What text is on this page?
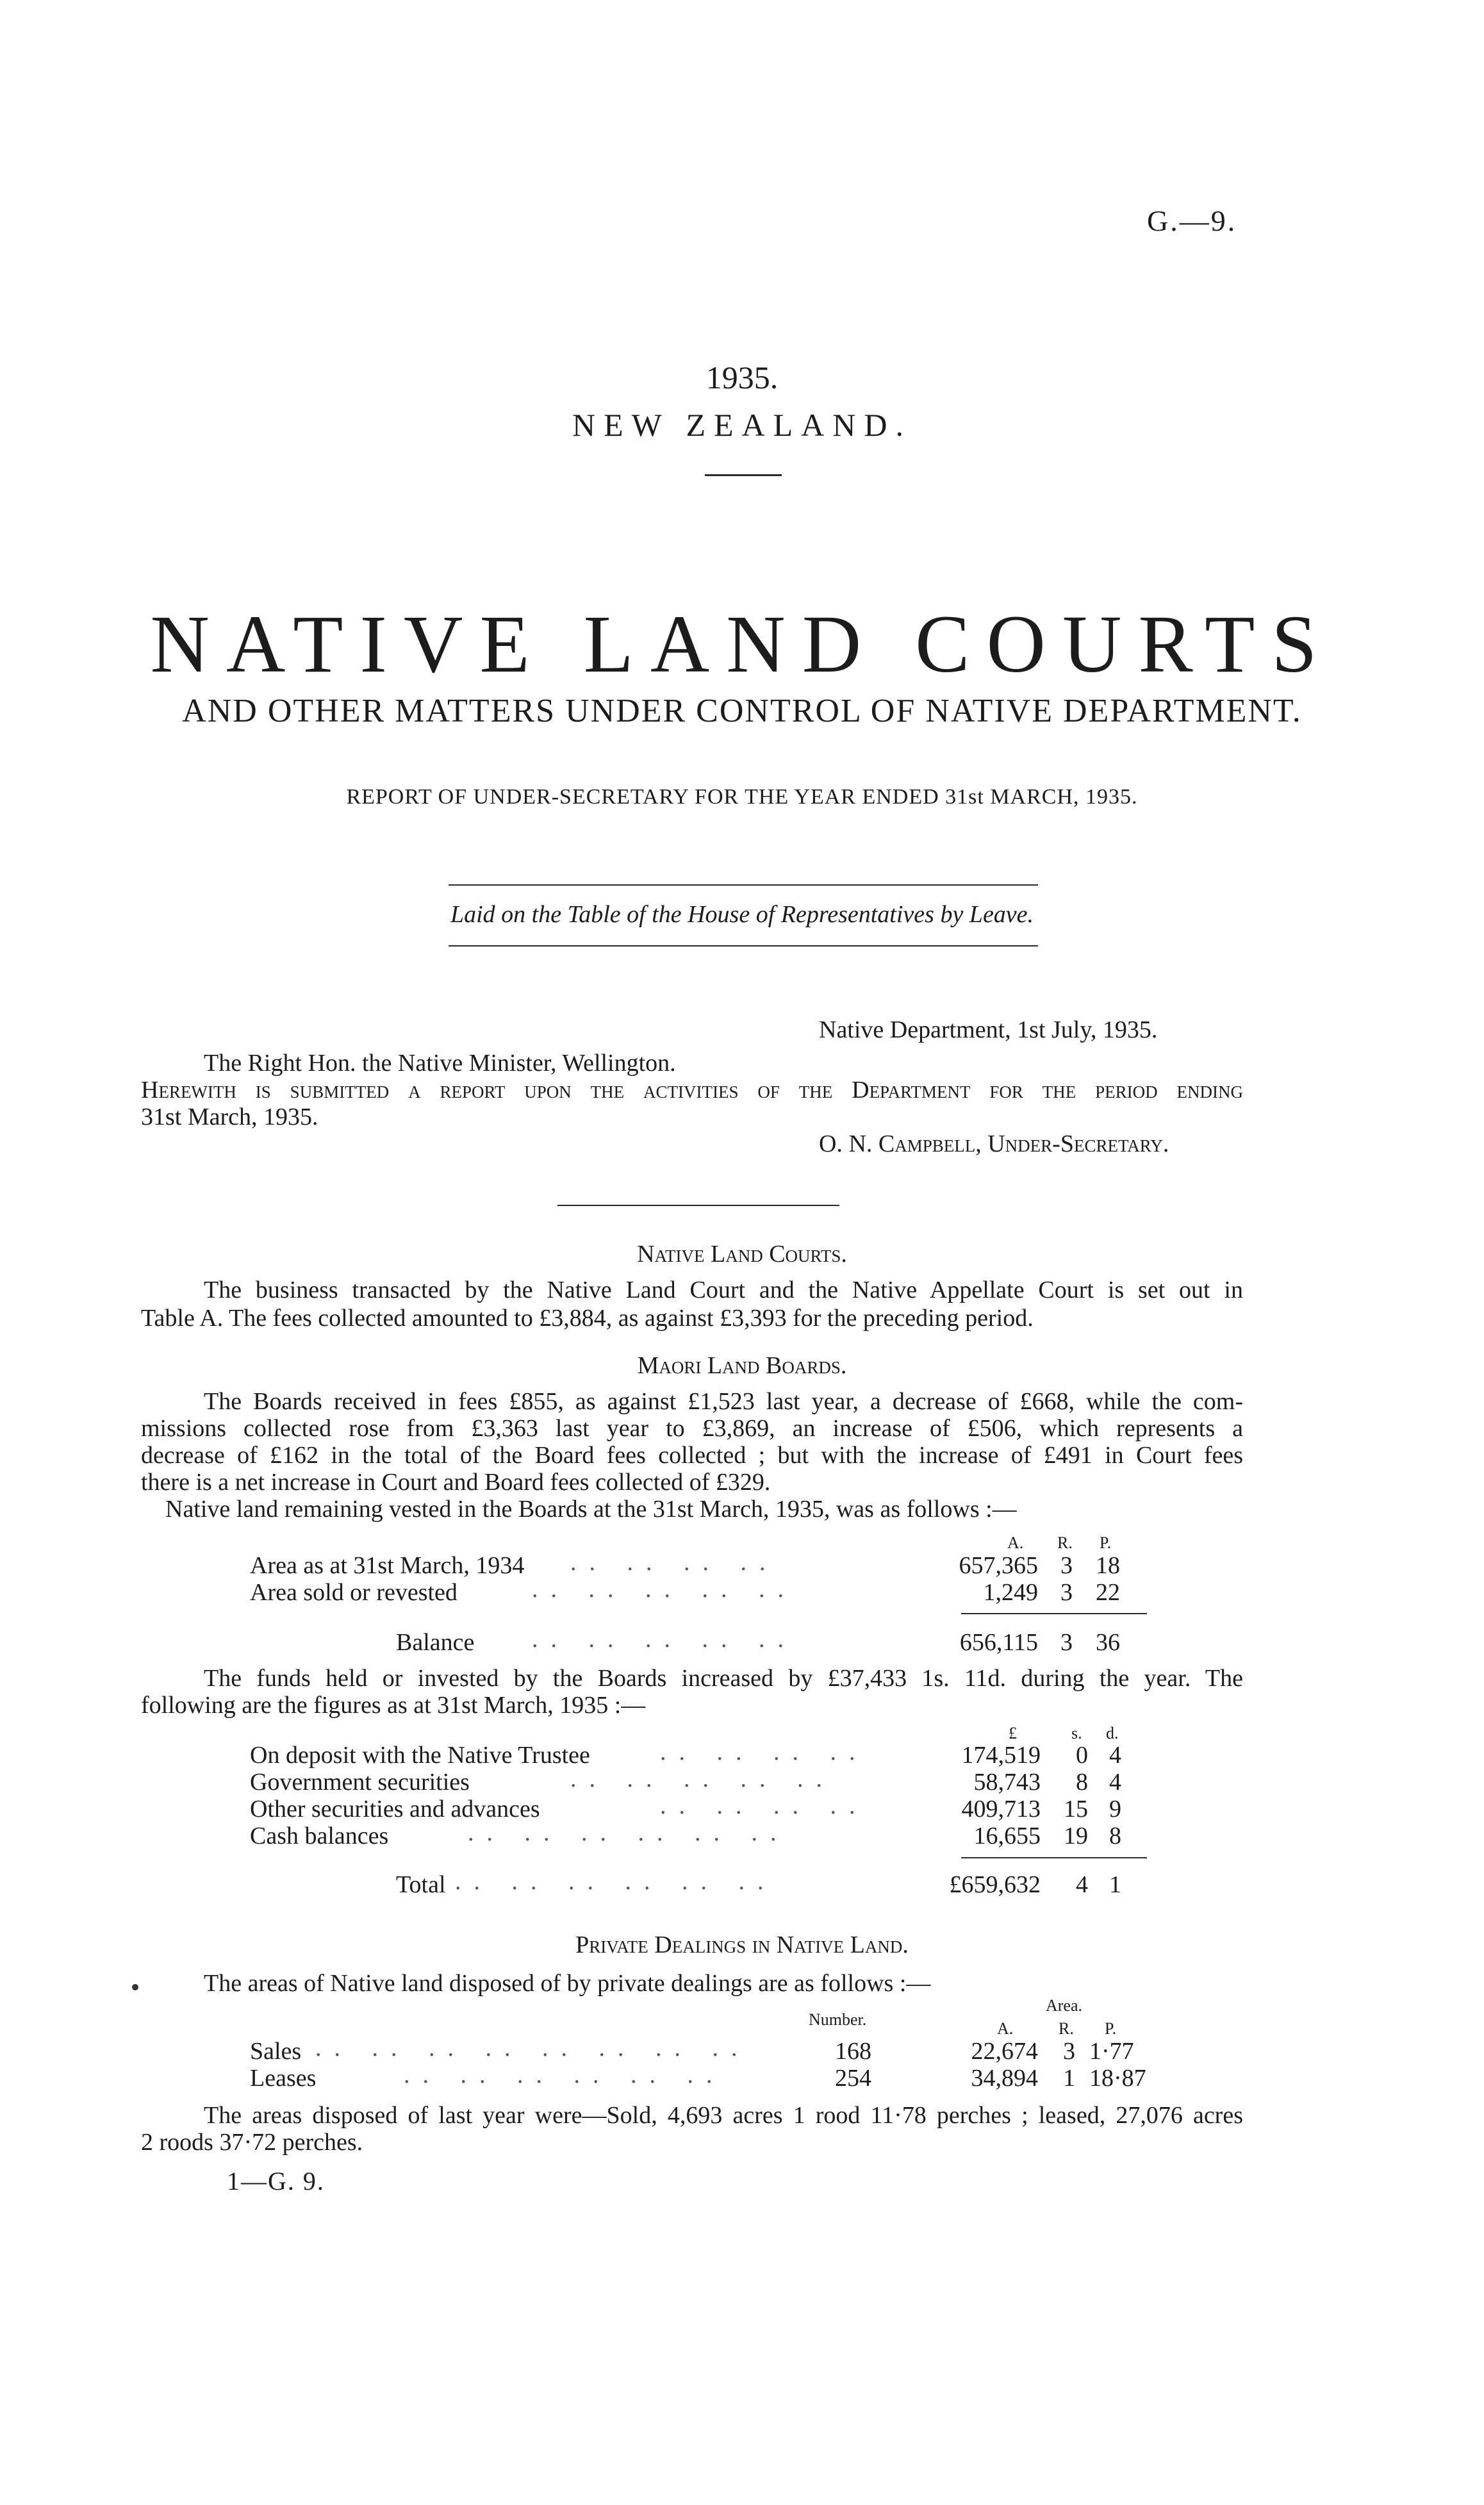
G.—9.
1935.
NEW ZEALAND.
NATIVE LAND COURTS
AND OTHER MATTERS UNDER CONTROL OF NATIVE DEPARTMENT.
REPORT OF UNDER-SECRETARY FOR THE YEAR ENDED 31st MARCH, 1935.
Laid on the Table of the House of Representatives by Leave.
Native Department, 1st July, 1935.
The Right Hon. the Native Minister, Wellington.
Herewith is submitted a report upon the activities of the Department for the period ending
31st March, 1935.
O. N. Campbell, Under-Secretary.
Native Land Courts.
The business transacted by the Native Land Court and the Native Appellate Court is set out in
Table A. The fees collected amounted to £3,884, as against £3,393 for the preceding period.
Maori Land Boards.
The Boards received in fees £855, as against £1,523 last year, a decrease of £668, while the com-
missions collected rose from £3,363 last year to £3,869, an increase of £506, which represents a
decrease of £162 in the total of the Board fees collected ; but with the increase of £491 in Court fees
there is a net increase in Court and Board fees collected of £329.
Native land remaining vested in the Boards at the 31st March, 1935, was as follows :—
A. R. P.
Area as at 31st March, 1934 .. .. .. ..	657,365 3 18
Area sold or revested	.. .. .. .. ..	1,249 3 22
Balance .. .. .. .. ..	656,115 3 36
The funds held or invested by the Boards increased by £37,433 1s. 11d. during the year. The
following are the figures as at 31st March, 1935 :—
£	s. d.
On deposit with the Native Trustee	.. .. .. ..	174,519	0 4
Government securities	.. .. .. .. ..	58,743	8 4
Other securities and advances	.. .. .. ..	409,713 15 9
Cash balances	.. .. .. .. .. ..	16,655 19 8
Total .. .. .. .. .. ..	£659,632	4 1
Private Dealings in Native Land.
The areas of Native land disposed of by private dealings are as follows :—
Area.
Number.	A.	R. P.
Sales .. .. .. .. .. .. .. ..	168	22,674	3 1·77
Leases	.. .. .. .. .. ..	254	34,894	1 18·87
The areas disposed of last year were—Sold, 4,693 acres 1 rood 11·78 perches ; leased, 27,076 acres
2 roods 37·72 perches.
1—G. 9.
